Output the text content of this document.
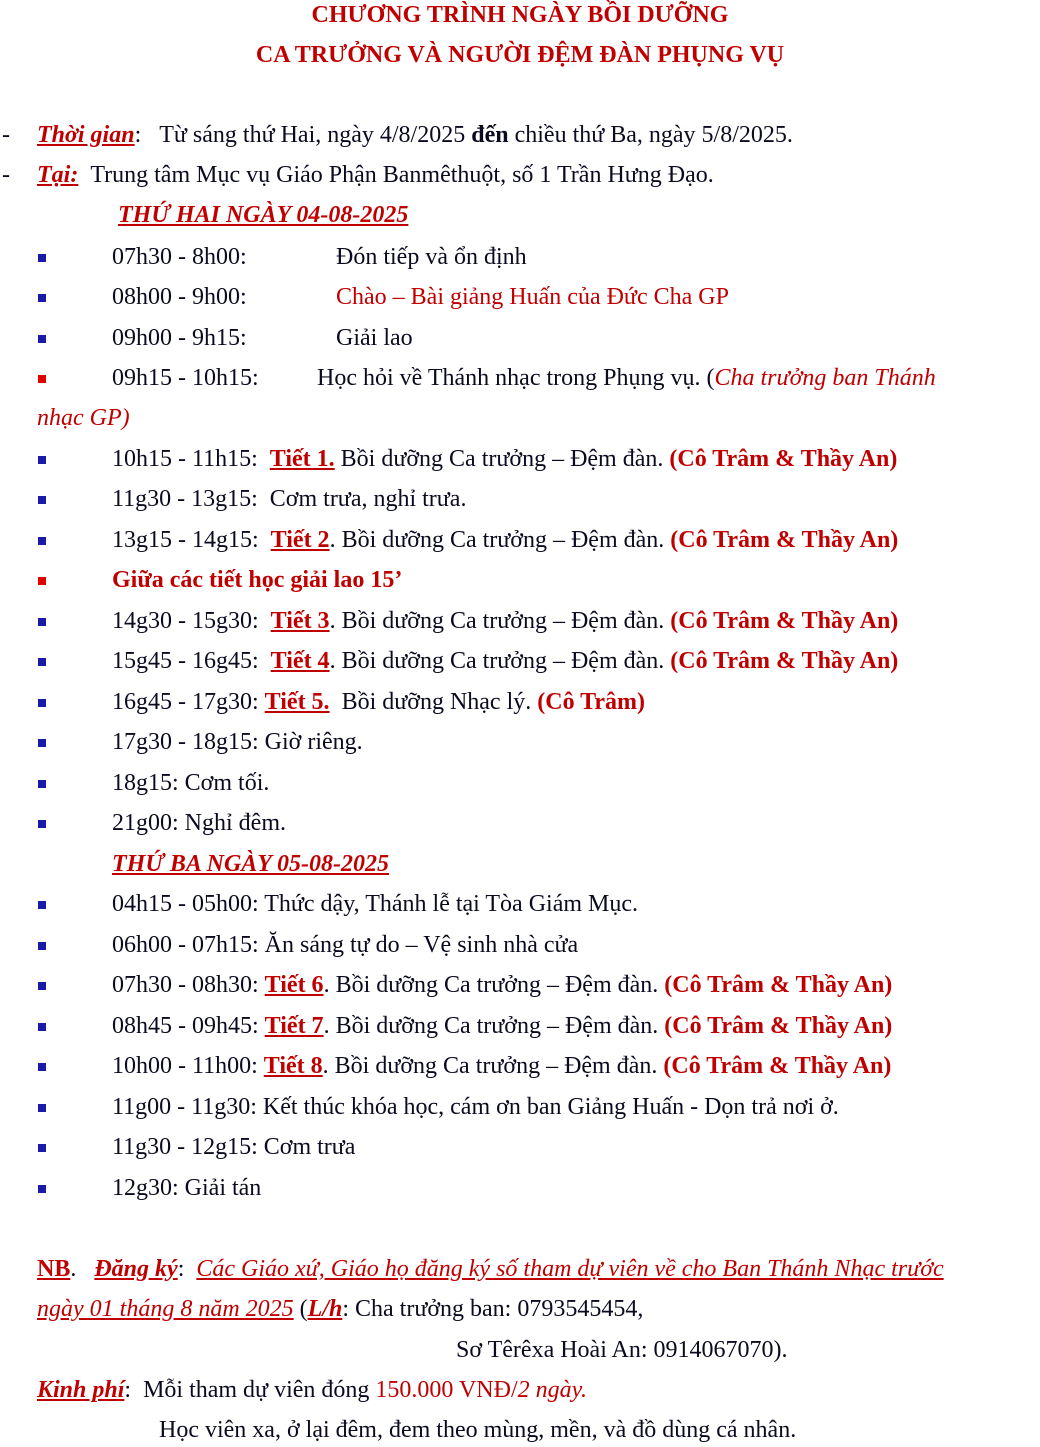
CHƯƠNG TRÌNH NGÀY BỒI DƯỠNG
CA TRƯỞNG VÀ NGƯỜI ĐỆM ĐÀN PHỤNG VỤ
- Thời gian:   Từ sáng thứ Hai, ngày 4/8/2025 đến chiều thứ Ba, ngày 5/8/2025.
- Tại: Trung tâm Mục vụ Giáo Phận Banmêthuột, số 1 Trần Hưng Đạo.
THỨ HAI NGÀY 04-08-2025
07h30 - 8h00:	Đón tiếp và ổn định
08h00 - 9h00:	Chào – Bài giảng Huấn của Đức Cha GP
09h00 - 9h15:	Giải lao
09h15 - 10h15: Học hỏi về Thánh nhạc trong Phụng vụ. (Cha trưởng ban Thánh
nhạc GP)
10h15 - 11h15: Tiết 1. Bồi dưỡng Ca trưởng – Đệm đàn. (Cô Trâm & Thầy An)
11g30 - 13g15: Cơm trưa, nghỉ trưa.
13g15 - 14g15: Tiết 2. Bồi dưỡng Ca trưởng – Đệm đàn. (Cô Trâm & Thầy An)
Giữa các tiết học giải lao 15’
14g30 - 15g30: Tiết 3. Bồi dưỡng Ca trưởng – Đệm đàn. (Cô Trâm & Thầy An)
15g45 - 16g45: Tiết 4. Bồi dưỡng Ca trưởng – Đệm đàn. (Cô Trâm & Thầy An)
16g45 - 17g30: Tiết 5. Bồi dưỡng Nhạc lý. (Cô Trâm)
17g30 - 18g15: Giờ riêng.
18g15: Cơm tối.
21g00: Nghỉ đêm.
THỨ BA NGÀY 05-08-2025
04h15 - 05h00: Thức dậy, Thánh lễ tại Tòa Giám Mục.
06h00 - 07h15: Ăn sáng tự do – Vệ sinh nhà cửa
07h30 - 08h30: Tiết 6. Bồi dưỡng Ca trưởng – Đệm đàn. (Cô Trâm & Thầy An)
08h45 - 09h45: Tiết 7. Bồi dưỡng Ca trưởng – Đệm đàn. (Cô Trâm & Thầy An)
10h00 - 11h00: Tiết 8. Bồi dưỡng Ca trưởng – Đệm đàn. (Cô Trâm & Thầy An)
11g00 - 11g30: Kết thúc khóa học, cám ơn ban Giảng Huấn - Dọn trả nơi ở.
11g30 - 12g15: Cơm trưa
12g30: Giải tán
NB.   Đăng ký:  Các Giáo xứ, Giáo họ đăng ký số tham dự viên về cho Ban Thánh Nhạc trước
ngày 01 tháng 8 năm 2025 (L/h: Cha trưởng ban: 0793545454,
Sơ Têrêxa Hoài An: 0914067070).
Kinh phí:  Mỗi tham dự viên đóng 150.000 VNĐ/2 ngày.
Học viên xa, ở lại đêm, đem theo mùng, mền, và đồ dùng cá nhân.
